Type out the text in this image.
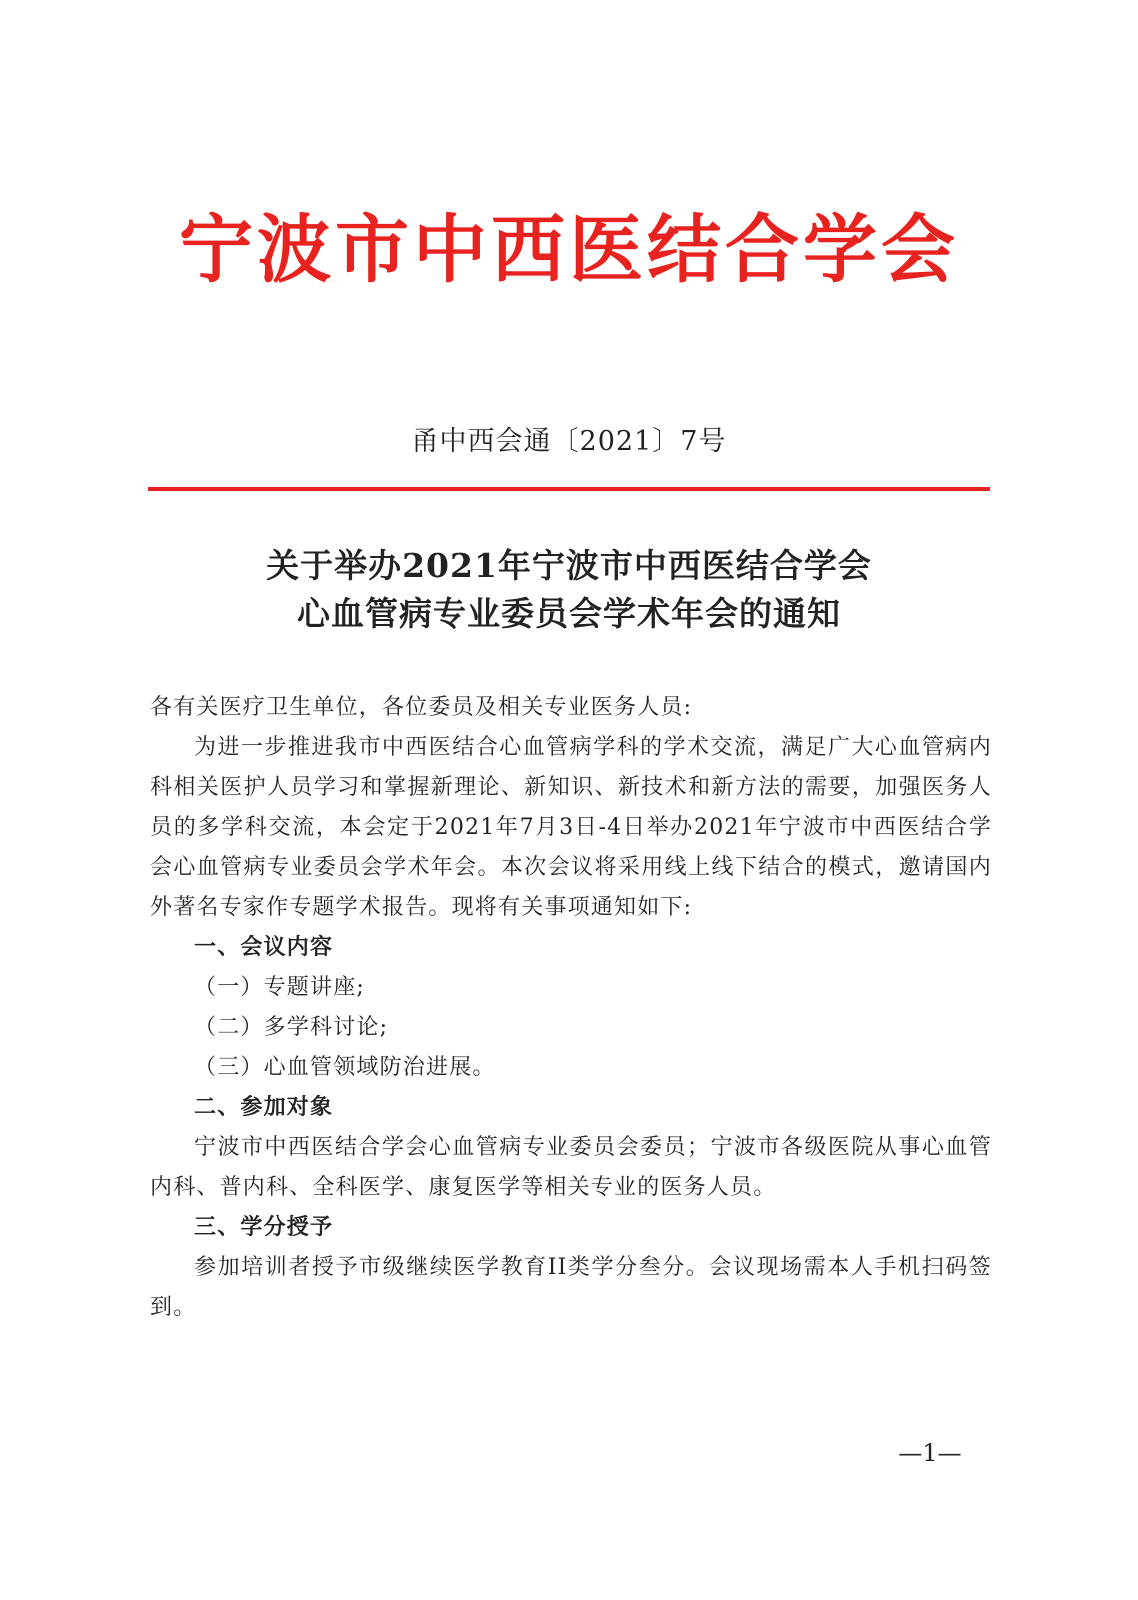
宁波市中西医结合学会
甬中西会通〔2021〕7号
关于举办2021年宁波市中西医结合学会
心血管病专业委员会学术年会的通知

各有关医疗卫生单位，各位委员及相关专业医务人员:

为进一步推进我市中西医结合心血管病学科的学术交流，满足广大心血管病内科相关医护人员学习和掌握新理论、新知识、新技术和新方法的需要，加强医务人员的多学科交流，本会定于2021年7月3日-4日举办2021年宁波市中西医结合学会心血管病专业委员会学术年会。本次会议将采用线上线下结合的模式，邀请国内外著名专家作专题学术报告。现将有关事项通知如下:

一、会议内容

（一）专题讲座;

（二）多学科讨论;

（三）心血管领域防治进展。

二、参加对象

宁波市中西医结合学会心血管病专业委员会委员；宁波市各级医院从事心血管内科、普内科、全科医学、康复医学等相关专业的医务人员。

三、学分授予

参加培训者授予市级继续医学教育II类学分叁分。会议现场需本人手机扫码签到。

—1—
